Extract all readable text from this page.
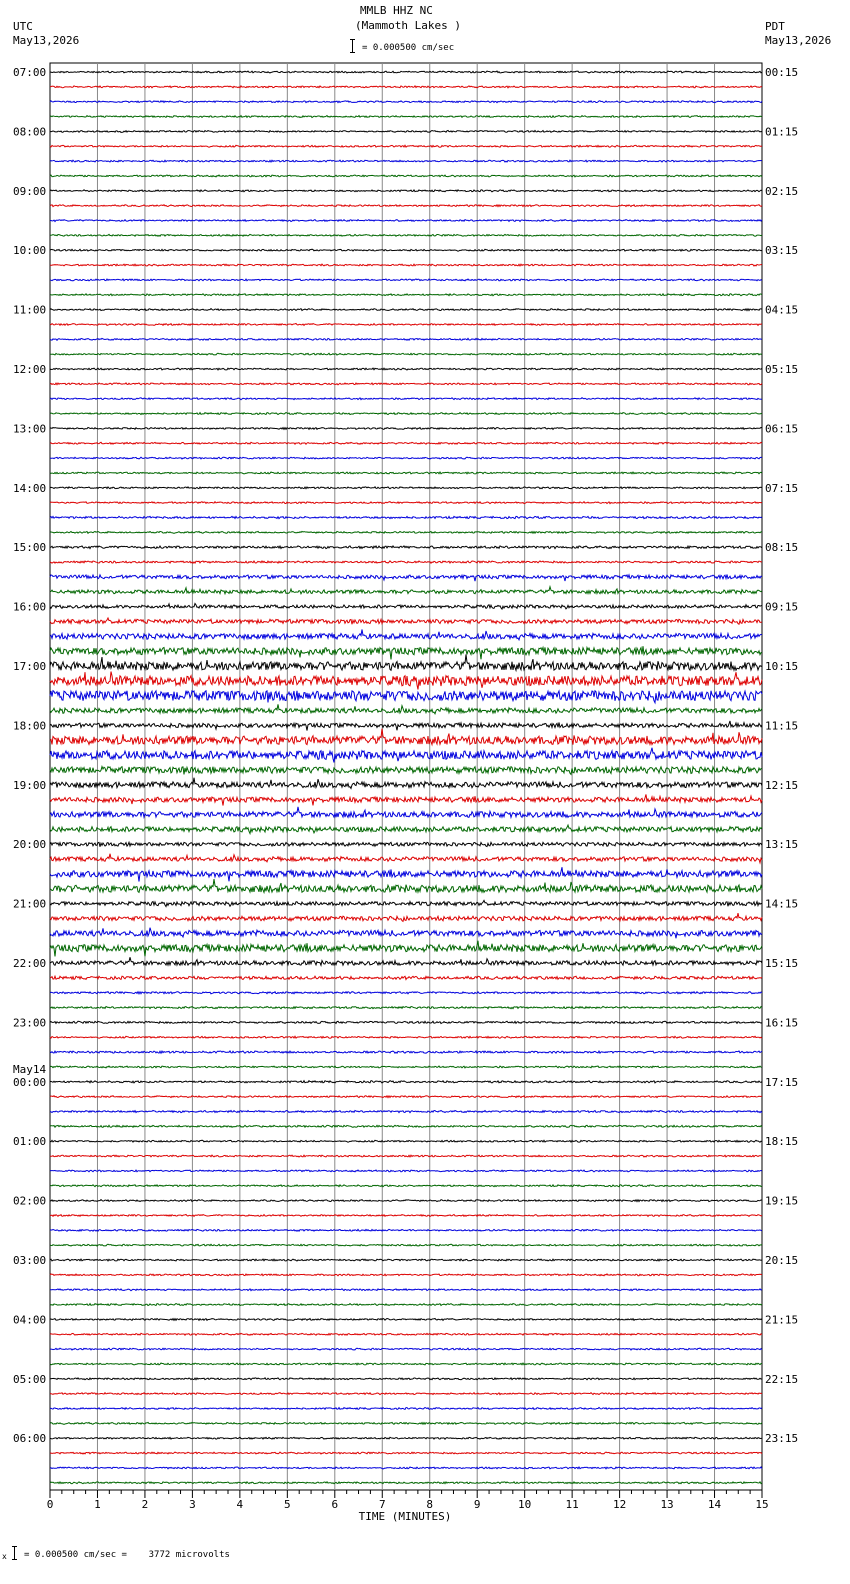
MMLB HHZ NC
(Mammoth Lakes )
= 0.000500 cm/sec
UTC
May13,2026
PDT
May13,2026
07:00	00:15
08:00	01:15
09:00	02:15
10:00	03:15
11:00	04:15
12:00	05:15
13:00	06:15
14:00	07:15
15:00	08:15
16:00	09:15
17:00	10:15
18:00	11:15
19:00	12:15
20:00	13:15
21:00	14:15
22:00	15:15
23:00	16:15
00:00	17:15
May14
01:00	18:15
02:00	19:15
03:00	20:15
04:00	21:15
05:00	22:15
06:00	23:15
0	1	2	3	4	5	6	7	8	9	10	11	12	13	14	15
TIME (MINUTES)
x = 0.000500 cm/sec =    3772 microvolts
